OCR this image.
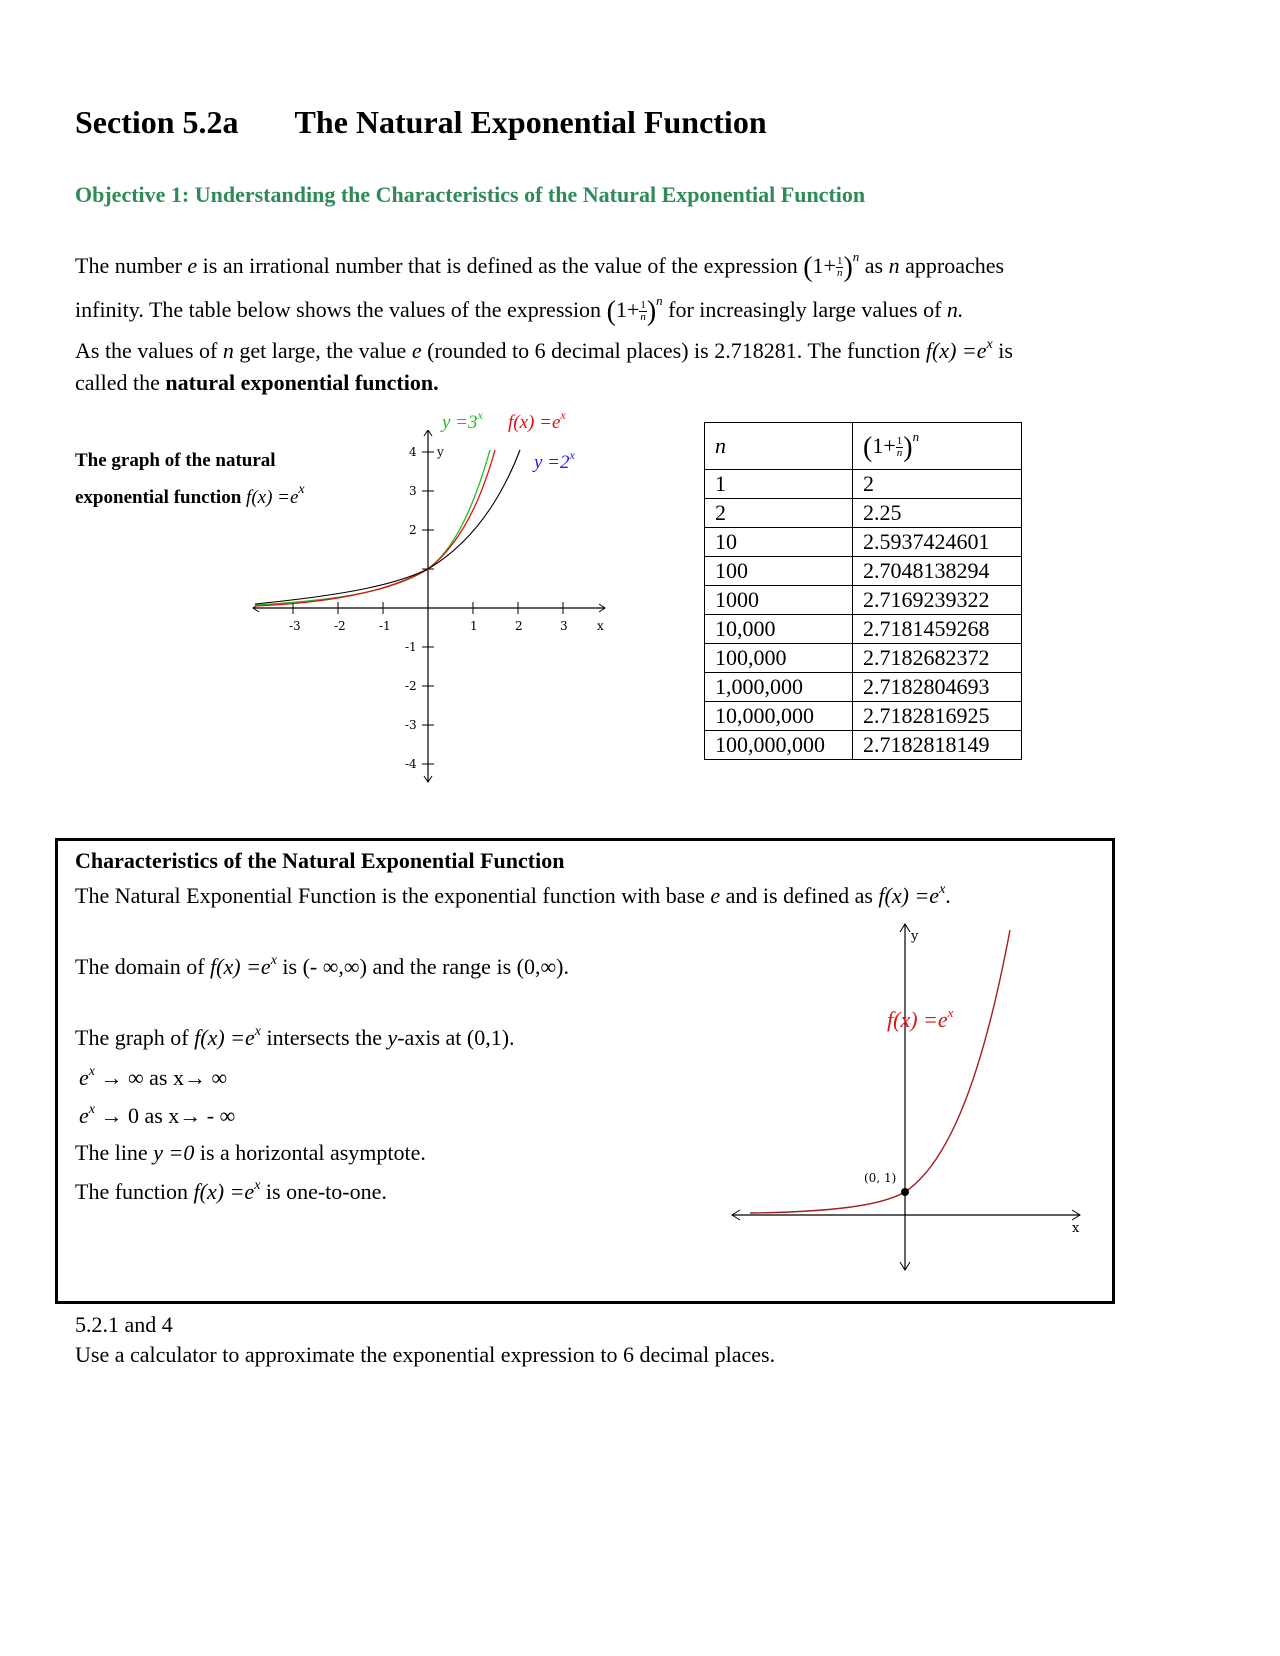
Section 5.2a The Natural Exponential Function
Objective 1: Understanding the Characteristics of the Natural Exponential Function
The number e is an irrational number that is defined as the value of the expression $(1+ \frac{1}{n} )^n$ as n approaches
infinity. The table below shows the values of the expression $(1+ \frac{1}{n} )^n$ for increasingly large values of n.
As the values of n get large, the value e (rounded to 6 decimal places) is 2.718281. The function $f(x) =e^x$ is
called the natural exponential function.
The graph of the natural
exponential function $f(x) =e^x$
$y =3^x$ $f(x) =e^x$
$y =2^x$
-3	-2	-1	1	2	3 x
4
3
2
-1
-2
-3
-4
y	n	$(1+ \frac{1}{n} )^n$
1	2
2	2.25
10	2.5937424601
100	2.7048138294
1000	2.7169239322
10,000	2.7181459268
100,000	2.7182682372
1,000,000	2.7182804693
10,000,000	2.7182816925
100,000,000	2.7182818149
Characteristics of the Natural Exponential Function
The Natural Exponential Function is the exponential function with base e and is defined as $f(x) =e^x$.
The domain of $f(x) =e^x$ is (- ∞,∞) and the range is (0,∞).
The graph of $f(x) =e^x$ intersects the y-axis at (0,1).
$e^x$ → ∞ as x→ ∞
$e^x \to 0$ as x→ - ∞
The line y =0 is a horizontal asymptote.
The function $f(x) =e^x$ is one-to-one.
y
x
(0, 1)
$f(x) =e^x$
5.2.1 and 4
Use a calculator to approximate the exponential expression to 6 decimal places.
